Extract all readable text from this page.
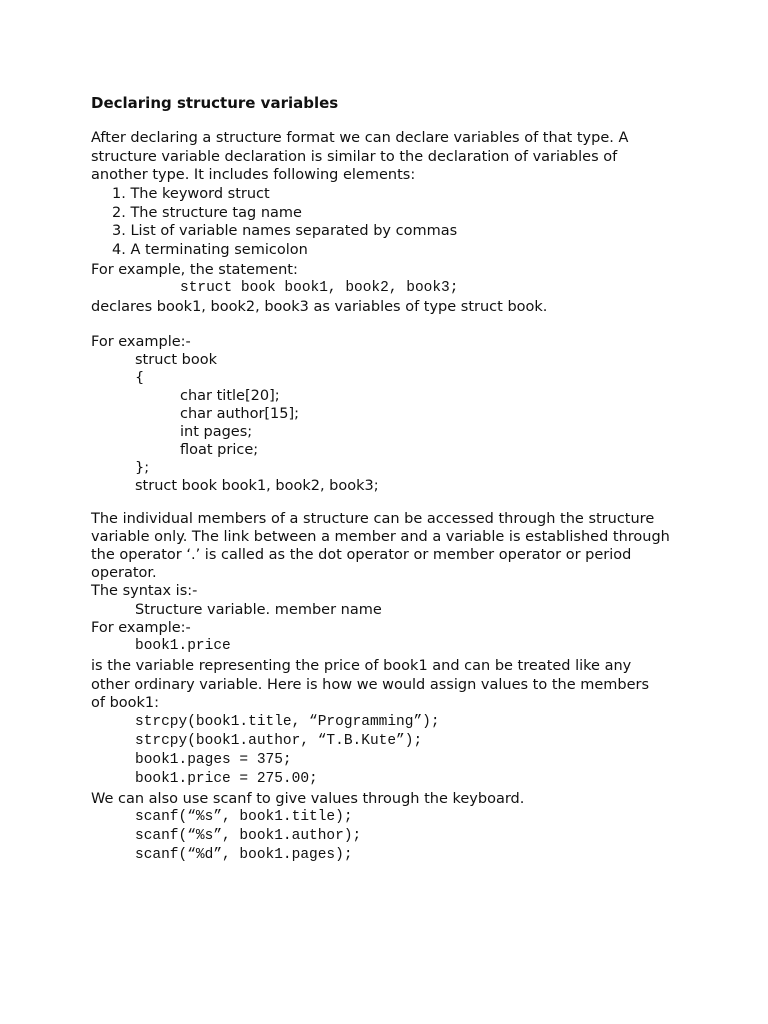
Declaring structure variables
After declaring a structure format we can declare variables of that type. A
structure variable declaration is similar to the declaration of variables of
another type. It includes following elements:
1. The keyword struct
2. The structure tag name
3. List of variable names separated by commas
4. A terminating semicolon
For example, the statement:
struct book book1, book2, book3;
declares book1, book2, book3 as variables of type struct book.
For example:-
struct book
{
char title[20];
char author[15];
int pages;
float price;
};
struct book book1, book2, book3;
The individual members of a structure can be accessed through the structure
variable only. The link between a member and a variable is established through
the operator ‘.’ is called as the dot operator or member operator or period
operator.
The syntax is:-
Structure variable. member name
For example:-
book1.price
is the variable representing the price of book1 and can be treated like any
other ordinary variable. Here is how we would assign values to the members
of book1:
strcpy(book1.title, “Programming”);
strcpy(book1.author, “T.B.Kute”);
book1.pages = 375;
book1.price = 275.00;
We can also use scanf to give values through the keyboard.
scanf(“%s”, book1.title);
scanf(“%s”, book1.author);
scanf(“%d”, book1.pages);
